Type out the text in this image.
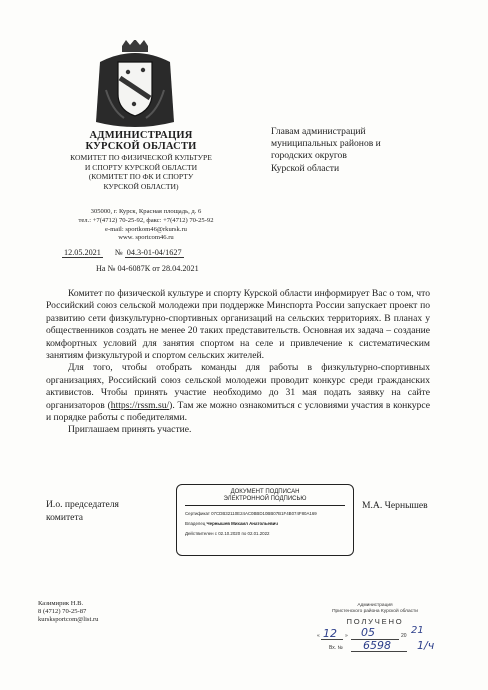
АДМИНИСТРАЦИЯ
КУРСКОЙ ОБЛАСТИ
КОМИТЕТ ПО ФИЗИЧЕСКОЙ КУЛЬТУРЕ
И СПОРТУ КУРСКОЙ ОБЛАСТИ
(КОМИТЕТ ПО ФК И СПОРТУ
КУРСКОЙ ОБЛАСТИ)
305000, г. Курск, Красная площадь, д. 6
тел.: +7(4712) 70-25-92, факс: +7(4712) 70-25-92
e-mail: sportkom46@rkursk.ru
www. sportcom46.ru
12.05.2021 № 04.3-01-04/1627
На № 04-6087К от 28.04.2021
Главам администраций
муниципальных районов и
городских округов
Курской области

Комитет по физической культуре и спорту Курской области информирует Вас о том, что Российский союз сельской молодежи при поддержке Минспорта России запускает проект по развитию сети физкультурно-спортивных организаций на сельских территориях. В планах у общественников создать не менее 20 таких представительств. Основная их задача – создание комфортных условий для занятия спортом на селе и привлечение к систематическим занятиям физкультурой и спортом сельских жителей.

Для того, чтобы отобрать команды для работы в физкультурно-спортивных организациях, Российский союз сельской молодежи проводит конкурс среди гражданских активистов. Чтобы принять участие необходимо до 31 мая подать заявку на сайте организаторов (https://rssm.su/). Там же можно ознакомиться с условиями участия в конкурсе и порядке работы с победителями.

Приглашаем принять участие.

И.о. председателя
комитета
ДОКУМЕНТ ПОДПИСАН
ЭЛЕКТРОННОЙ ПОДПИСЬЮ
Сертификат 07CDB32110E24AC0BBD10BB07B1F4B074F80A169
Владелец Чернышев Михаил Анатольевич
Действителен с 02.10.2020 по 02.01.2022
М.А. Чернышев
Казимирик Н.В.
8 (4712) 70-25-87
kursksportcom@list.ru
Администрация
Пристенского района Курской области
ПОЛУЧЕНО
« 12 » 05	20 21
Вх. № 6598 1/ч
